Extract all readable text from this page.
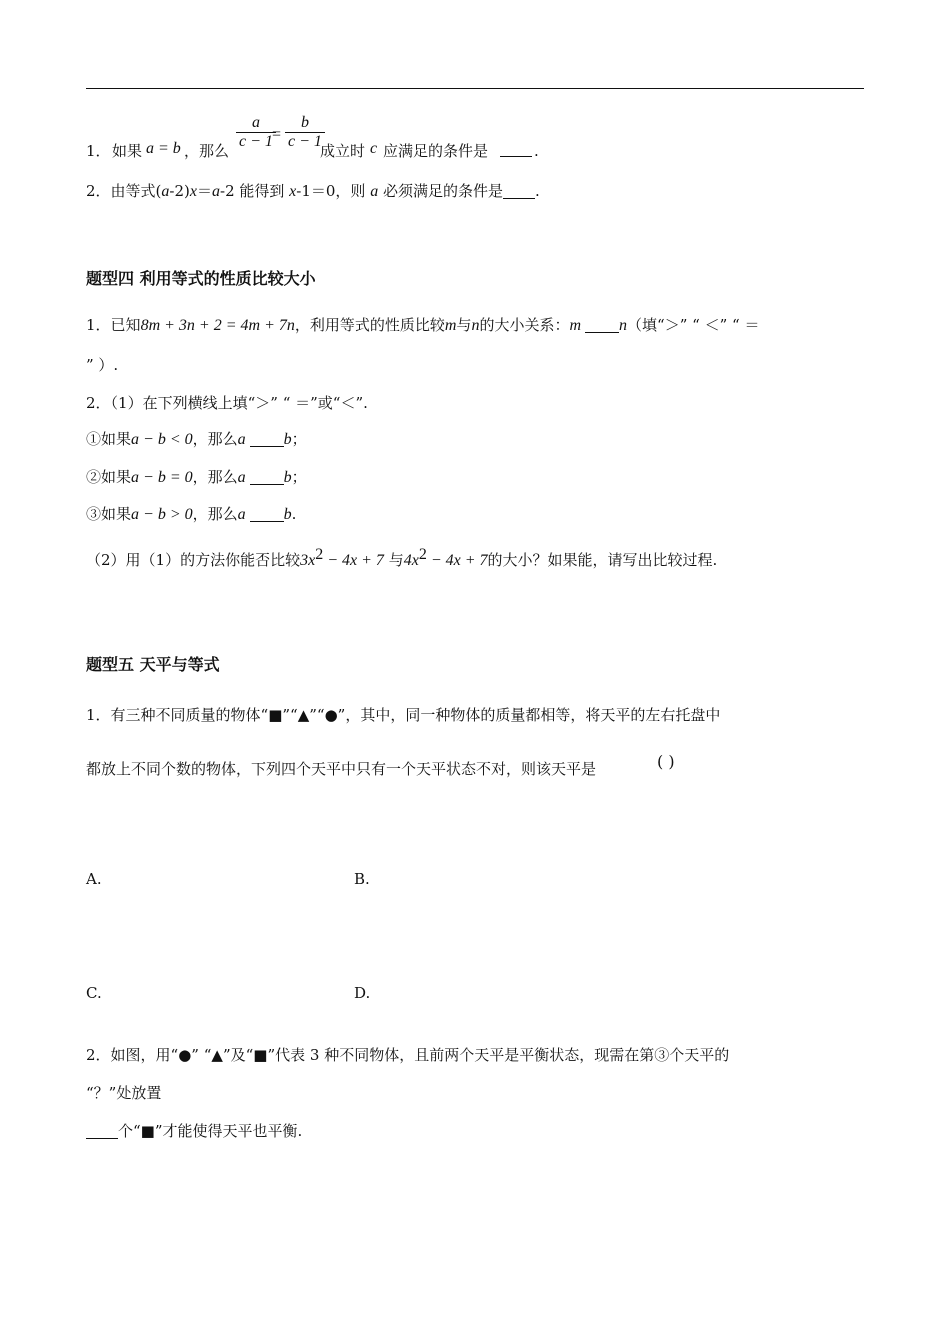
1． 如果 a = b ，那么 $\frac{a}{c - 1}$
= $\frac{b}{c - 1}$
成立时 c 应满足的条件是	.
2．由等式(a-2)x＝a-2 能得到 x-1＝0，则 a 必须满足的条件是 .
题型四 利用等式的性质比较大小
1．已知8m + 3n + 2 = 4m + 7n，利用等式的性质比较m与n的大小关系：m n（填“＞” “ ＜” “ ＝
” ）.
2．（1）在下列横线上填“＞” “ ＝”或“＜”.
①如果a − b < 0，那么a b；
②如果a − b = 0，那么a b；
③如果a − b > 0，那么a b.
（2）用（1）的方法你能否比较$3x^2 - 4x + 7$ 与$4x^2 - 4x + 7$的大小？如果能，请写出比较过程.
题型五 天平与等式
1．有三种不同质量的物体“■”“▲”“●”，其中，同一种物体的质量都相等，将天平的左右托盘中
都放上不同个数的物体，下列四个天平中只有一个天平状态不对，则该天平是	( )
A.	B.
C.	D.
2．如图，用“●” “▲”及“■”代表 3 种不同物体，且前两个天平是平衡状态，现需在第③个天平的
“？”处放置
个“■”才能使得天平也平衡.
